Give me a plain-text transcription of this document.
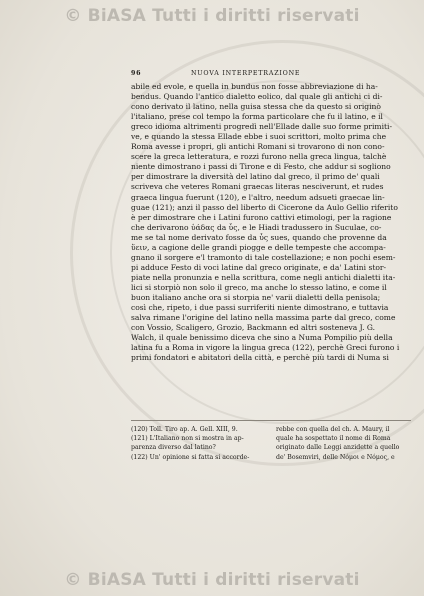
© BiASA Tutti i diritti riservati
96	NUOVA INTERPETRAZIONE
abile ed evole, e quella in bundus non fosse abbreviazione di ha-
bendus. Quando l'antico dialetto eolico, dal quale gli antichi ci di-
cono derivato il latino, nella guisa stessa che da questo si originò
l'italiano, prese col tempo la forma particolare che fu il latino, e il
greco idioma altrimenti progredì nell'Ellade dalle suo forme primiti-
ve, e quando la stessa Ellade ebbe i suoi scrittori, molto prima che
Roma avesse i propri, gli antichi Romani si trovarono di non cono-
scere la greca letteratura, e rozzi furono nella greca lingua, talchè
niente dimostrano i passi di Tirone e di Festo, che addur si sogliono
per dimostrare la diversità del latino dal greco, il primo de' quali
scriveva che veteres Romani graecas literas nesciverunt, et rudes
graeca lingua fuerunt (120), e l'altro, needum adsueti graecae lin-
guae (121); anzi il passo del liberto di Cicerone da Aulo Gellio riferito
è per dimostrare che i Latini furono cattivi etimologi, per la ragione
che derivarono ὑάδας da ὗς, e le Hiadi tradussero in Suculae, co-
me se tal nome derivato fosse da ὗς sues, quando che provenne da
ὕειν, a cagione delle grandi piogge e delle tempeste che accompa-
gnano il sorgere e'l tramonto di tale costellazione; e non pochi esem-
pi adduce Festo di voci latine dal greco originate, e da' Latini stor-
piate nella pronunzia e nella scrittura, come negli antichi dialetti ita-
lici si storpiò non solo il greco, ma anche lo stesso latino, e come il
buon italiano anche ora si storpia ne' varii dialetti della penisola;
così che, ripeto, i due passi surriferiti niente dimostrano, e tuttavia
salva rimane l'origine del latino nella massima parte dal greco, come
con Vossio, Scaligero, Grozio, Backmann ed altri sosteneva J. G.
Walch, il quale benissimo diceva che sino a Numa Pompilio più della
latina fu a Roma in vigore la lingua greca (122), perchè Greci furono i
primi fondatori e abitatori della città, e perchè più tardi di Numa si
(120) Toll. Tiro ap. A. Gell. XIII, 9.
(121) L'Italiano non si mostra in ap-
parenza diverso dal latino?
(122) Un' opinione si fatta si accorde-
rebbe con quella del ch. A. Maury, il
quale ha sospettato il nome di Roma
originato dalle Leggi anzidette a quello
de' Bosemviri, delle Νόμοι e Νόμος, e
© BiASA Tutti i diritti riservati
